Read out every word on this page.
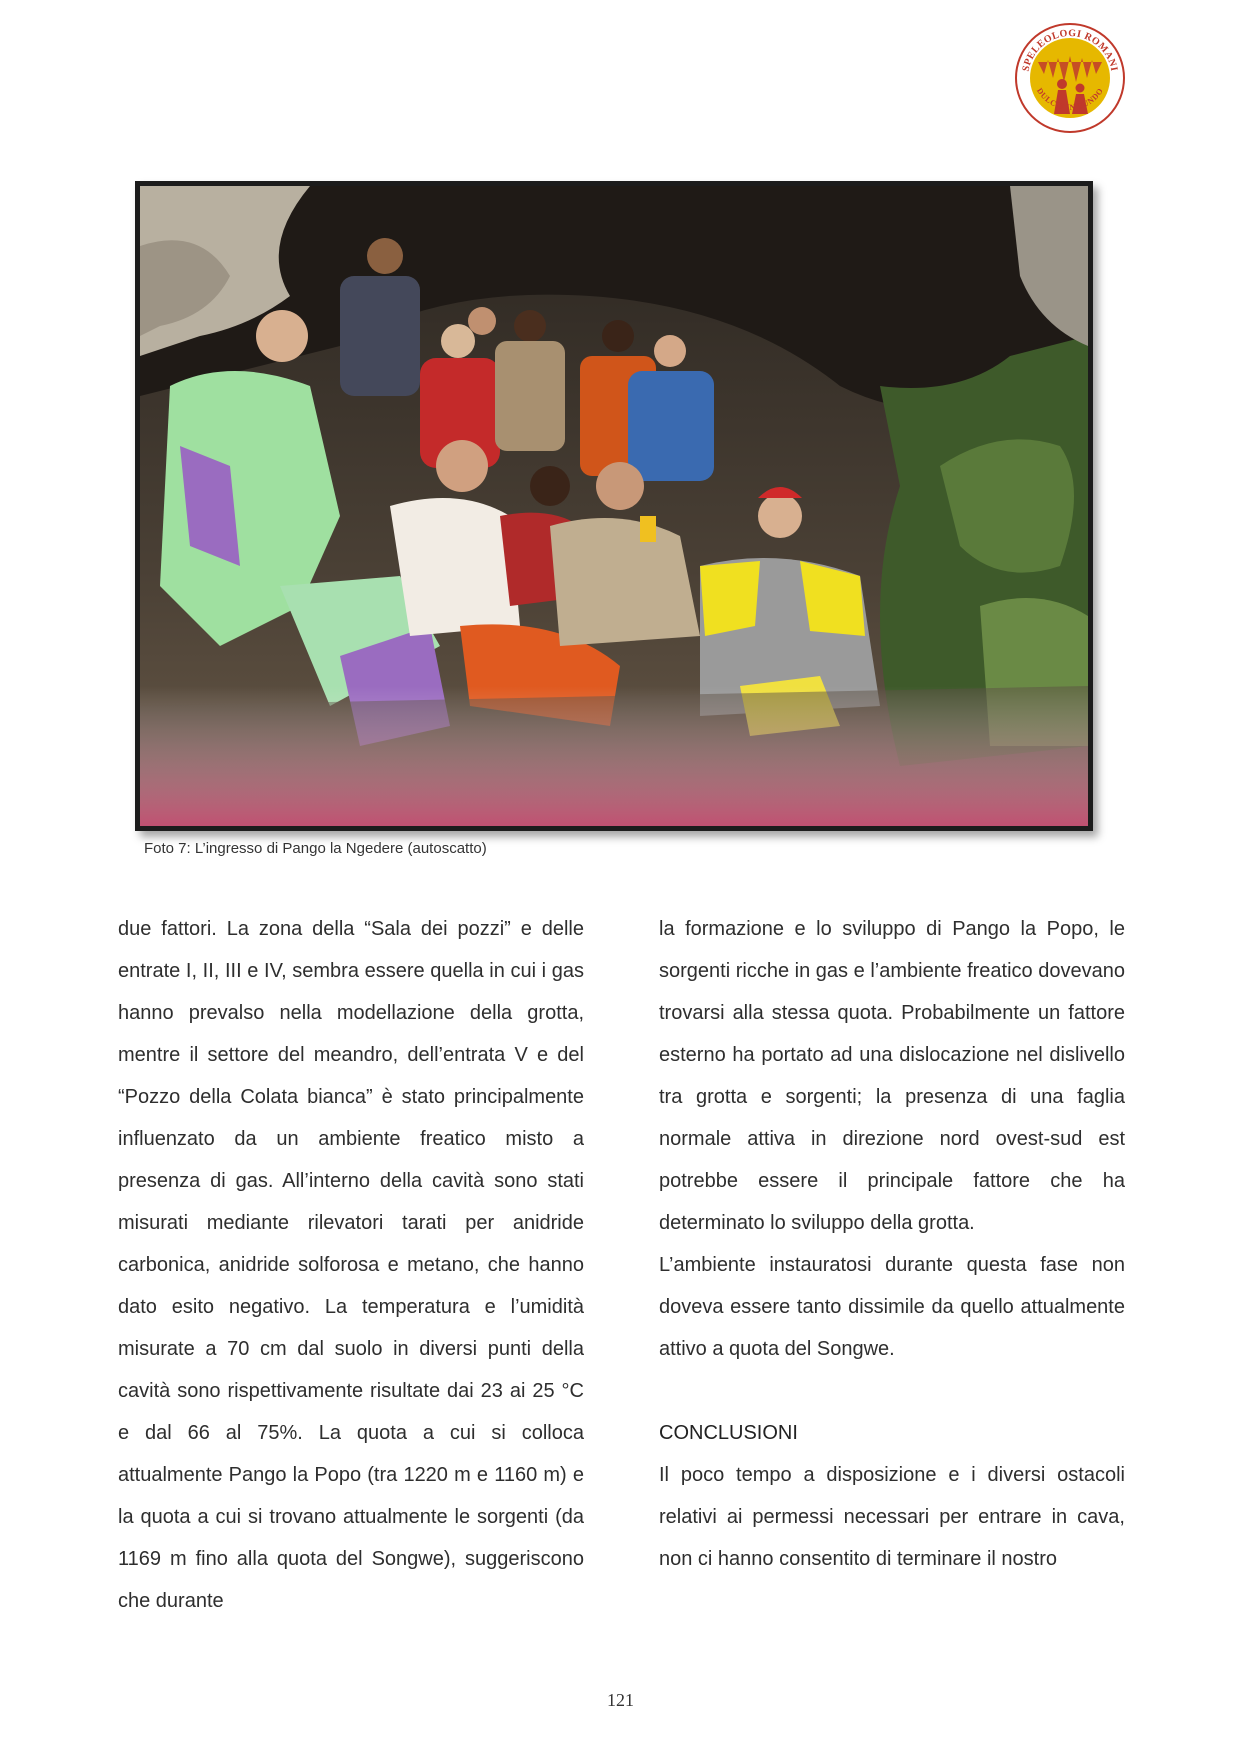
SPELEOLOGI ROMANI
DULCIS IN FUNDO
Foto 7: L’ingresso di Pango la Ngedere (autoscatto)

due fattori. La zona della “Sala dei pozzi” e delle entrate I, II, III e IV, sembra essere quella in cui i gas hanno prevalso nella modellazione della grotta, mentre il settore del meandro, dell’entrata V e del “Pozzo della Colata bianca” è stato principalmente influenzato da un ambiente freatico misto a presenza di gas. All’interno della cavità sono stati misurati mediante rilevatori tarati per anidride carbonica, anidride solforosa e metano, che hanno dato esito negativo. La temperatura e l’umidità misurate a 70 cm dal suolo in diversi punti della cavità sono rispettivamente risultate dai 23 ai 25 °C e dal 66 al 75%. La quota a cui si colloca attualmente Pango la Popo (tra 1220 m e 1160 m) e la quota a cui si trovano attualmente le sorgenti (da 1169 m fino alla quota del Songwe), suggeriscono che durante

la formazione e lo sviluppo di Pango la Popo, le sorgenti ricche in gas e l’ambiente freatico dovevano trovarsi alla stessa quota. Probabilmente un fattore esterno ha portato ad una dislocazione nel dislivello tra grotta e sorgenti; la presenza di una faglia normale attiva in direzione nord ovest-sud est potrebbe essere il principale fattore che ha determinato lo sviluppo della grotta.

L’ambiente instauratosi durante questa fase non doveva essere tanto dissimile da quello attualmente attivo a quota del Songwe.

CONCLUSIONI

Il poco tempo a disposizione e i diversi ostacoli relativi ai permessi necessari per entrare in cava, non ci hanno consentito di terminare il nostro

121
